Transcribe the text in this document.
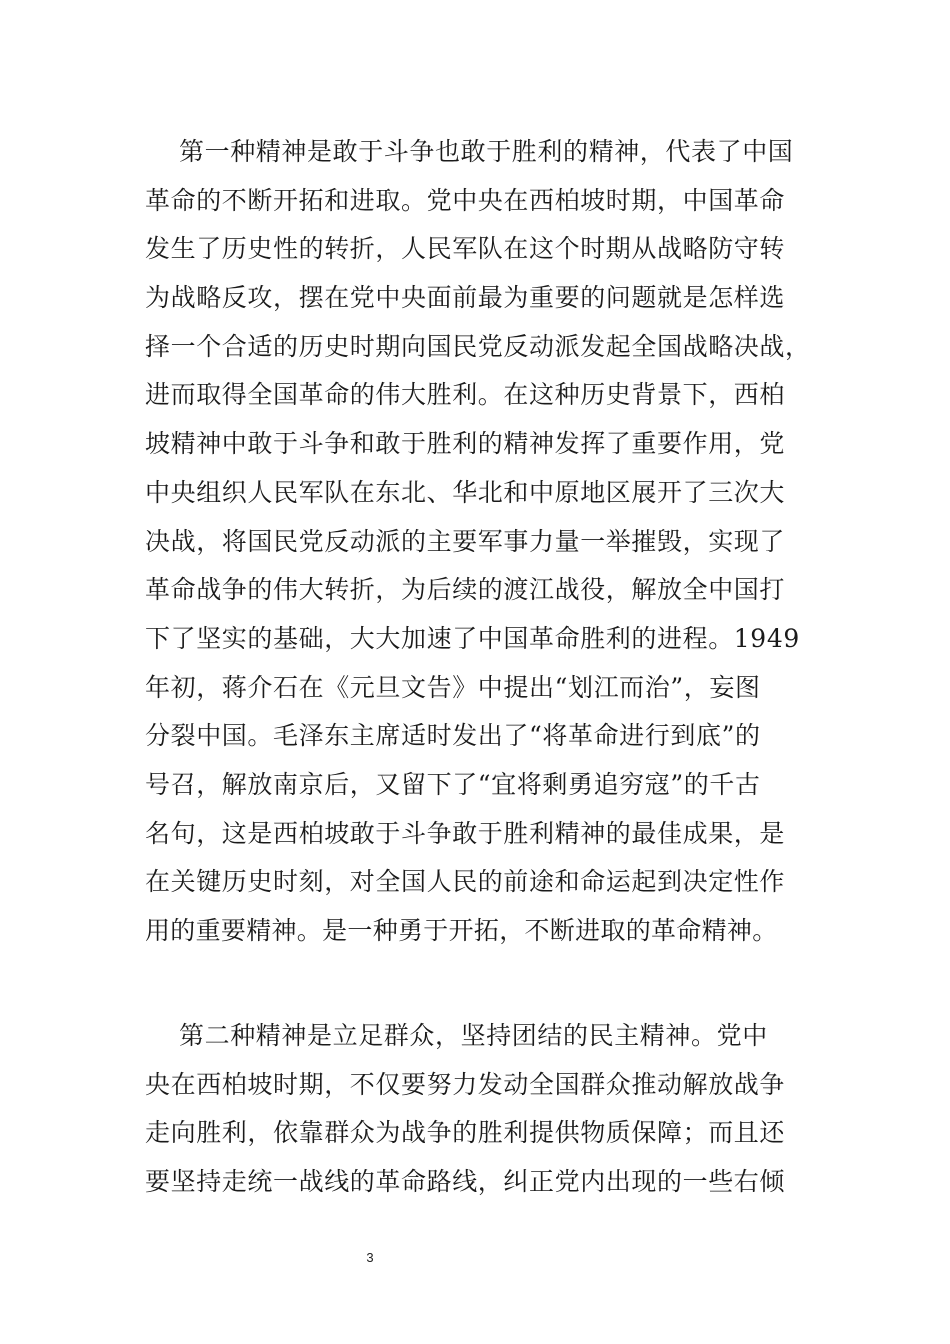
第一种精神是敢于斗争也敢于胜利的精神，代表了中国
革命的不断开拓和进取。党中央在西柏坡时期，中国革命
发生了历史性的转折，人民军队在这个时期从战略防守转
为战略反攻，摆在党中央面前最为重要的问题就是怎样选
择一个合适的历史时期向国民党反动派发起全国战略决战，
进而取得全国革命的伟大胜利。在这种历史背景下，西柏
坡精神中敢于斗争和敢于胜利的精神发挥了重要作用，党
中央组织人民军队在东北、华北和中原地区展开了三次大
决战，将国民党反动派的主要军事力量一举摧毁，实现了
革命战争的伟大转折，为后续的渡江战役，解放全中国打
下了坚实的基础，大大加速了中国革命胜利的进程。1949
年初，蒋介石在《元旦文告》中提出“划江而治”，妄图
分裂中国。毛泽东主席适时发出了“将革命进行到底”的
号召，解放南京后，又留下了“宜将剩勇追穷寇”的千古
名句，这是西柏坡敢于斗争敢于胜利精神的最佳成果，是
在关键历史时刻，对全国人民的前途和命运起到决定性作
用的重要精神。是一种勇于开拓，不断进取的革命精神。
第二种精神是立足群众，坚持团结的民主精神。党中
央在西柏坡时期，不仅要努力发动全国群众推动解放战争
走向胜利，依靠群众为战争的胜利提供物质保障；而且还
要坚持走统一战线的革命路线，纠正党内出现的一些右倾
3
